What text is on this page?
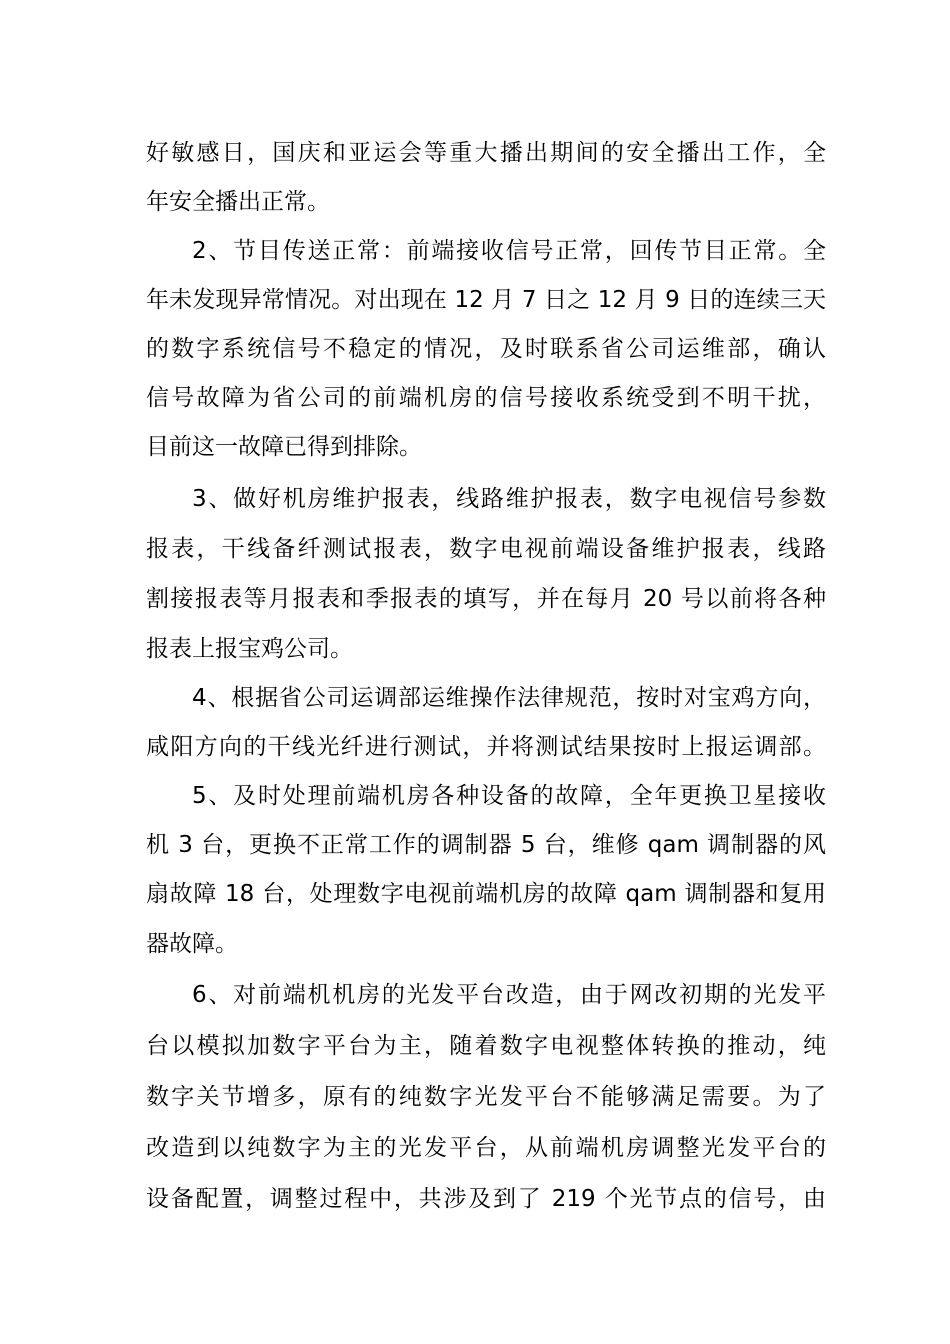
好敏感日，国庆和亚运会等重大播出期间的安全播出工作，全
年安全播出正常。
2、节目传送正常：前端接收信号正常，回传节目正常。全
年未发现异常情况。对出现在 12 月 7 日之 12 月 9 日的连续三天
的数字系统信号不稳定的情况，及时联系省公司运维部，确认
信号故障为省公司的前端机房的信号接收系统受到不明干扰，
目前这一故障已得到排除。
3、做好机房维护报表，线路维护报表，数字电视信号参数
报表，干线备纤测试报表，数字电视前端设备维护报表，线路
割接报表等月报表和季报表的填写，并在每月 20 号以前将各种
报表上报宝鸡公司。
4、根据省公司运调部运维操作法律规范，按时对宝鸡方向，
咸阳方向的干线光纤进行测试，并将测试结果按时上报运调部。
5、及时处理前端机房各种设备的故障，全年更换卫星接收
机 3 台，更换不正常工作的调制器 5 台，维修 qam 调制器的风
扇故障 18 台，处理数字电视前端机房的故障 qam 调制器和复用
器故障。
6、对前端机机房的光发平台改造，由于网改初期的光发平
台以模拟加数字平台为主，随着数字电视整体转换的推动，纯
数字关节增多，原有的纯数字光发平台不能够满足需要。为了
改造到以纯数字为主的光发平台，从前端机房调整光发平台的
设备配置，调整过程中，共涉及到了 219 个光节点的信号，由
